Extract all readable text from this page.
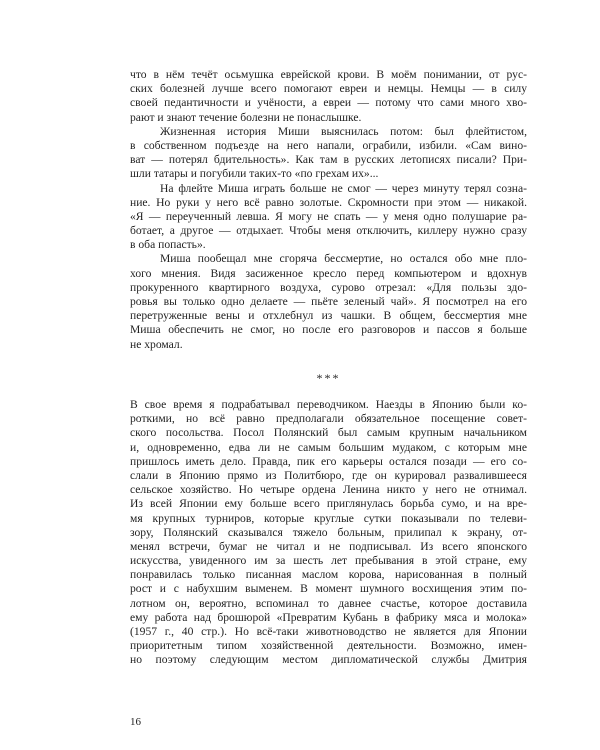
что в нём течёт осьмушка еврейской крови. В моём понимании, от рус-
ских болезней лучше всего помогают евреи и немцы. Немцы — в силу
своей педантичности и учёности, а евреи — потому что сами много хво-
рают и знают течение болезни не понаслышке.
Жизненная история Миши выяснилась потом: был флейтистом,
в собственном подъезде на него напали, ограбили, избили. «Сам вино-
ват — потерял бдительность». Как там в русских летописях писали? При-
шли татары и погубили таких-то «по грехам их»...
На флейте Миша играть больше не смог — через минуту терял созна-
ние. Но руки у него всё равно золотые. Скромности при этом — никакой.
«Я — переученный левша. Я могу не спать — у меня одно полушарие ра-
ботает, а другое — отдыхает. Чтобы меня отключить, киллеру нужно сразу
в оба попасть».
Миша пообещал мне сгоряча бессмертие, но остался обо мне пло-
хого мнения. Видя засиженное кресло перед компьютером и вдохнув
прокуренного квартирного воздуха, сурово отрезал: «Для пользы здо-
ровья вы только одно делаете — пьёте зеленый чай». Я посмотрел на его
перетруженные вены и отхлебнул из чашки. В общем, бессмертия мне
Миша обеспечить не смог, но после его разговоров и пассов я больше
не хромал.
***
В свое время я подрабатывал переводчиком. Наезды в Японию были ко-
роткими, но всё равно предполагали обязательное посещение совет-
ского посольства. Посол Полянский был самым крупным начальником
и, одновременно, едва ли не самым большим мудаком, с которым мне
пришлось иметь дело. Правда, пик его карьеры остался позади — его со-
слали в Японию прямо из Политбюро, где он курировал развалившееся
сельское хозяйство. Но четыре ордена Ленина никто у него не отнимал.
Из всей Японии ему больше всего приглянулась борьба сумо, и на вре-
мя крупных турниров, которые круглые сутки показывали по телеви-
зору, Полянский сказывался тяжело больным, прилипал к экрану, от-
менял встречи, бумаг не читал и не подписывал. Из всего японского
искусства, увиденного им за шесть лет пребывания в этой стране, ему
понравилась только писанная маслом корова, нарисованная в полный
рост и с набухшим выменем. В момент шумного восхищения этим по-
лотном он, вероятно, вспоминал то давнее счастье, которое доставила
ему работа над брошюрой «Превратим Кубань в фабрику мяса и молока»
(1957 г., 40 стр.). Но всё-таки животноводство не является для Японии
приоритетным типом хозяйственной деятельности. Возможно, имен-
но поэтому следующим местом дипломатической службы Дмитрия
16
